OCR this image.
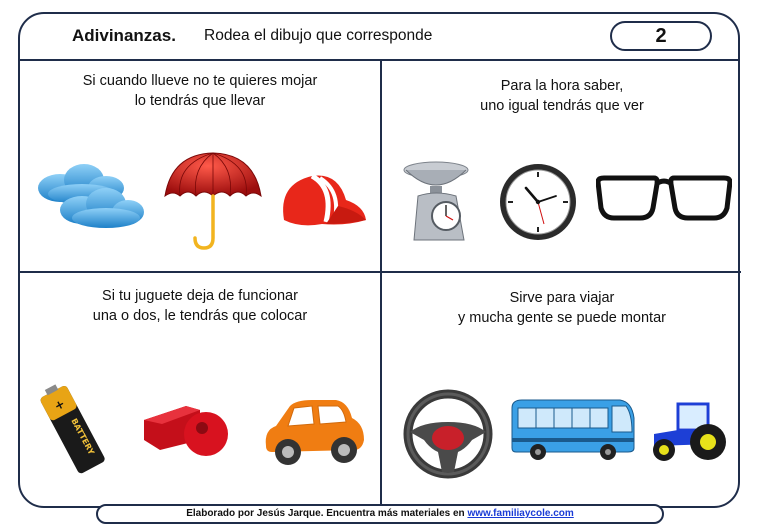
Adivinanzas. Rodea el dibujo que corresponde	2
Si cuando llueve no te quieres mojar
lo tendrás que llevar
Para la hora saber,
uno igual tendrás que ver
Si tu juguete deja de funcionar
una o dos, le tendrás que colocar
+
BATTERY
Sirve para viajar
y mucha gente se puede montar
Elaborado por Jesús Jarque. Encuentra más materiales en www.familiaycole.com
